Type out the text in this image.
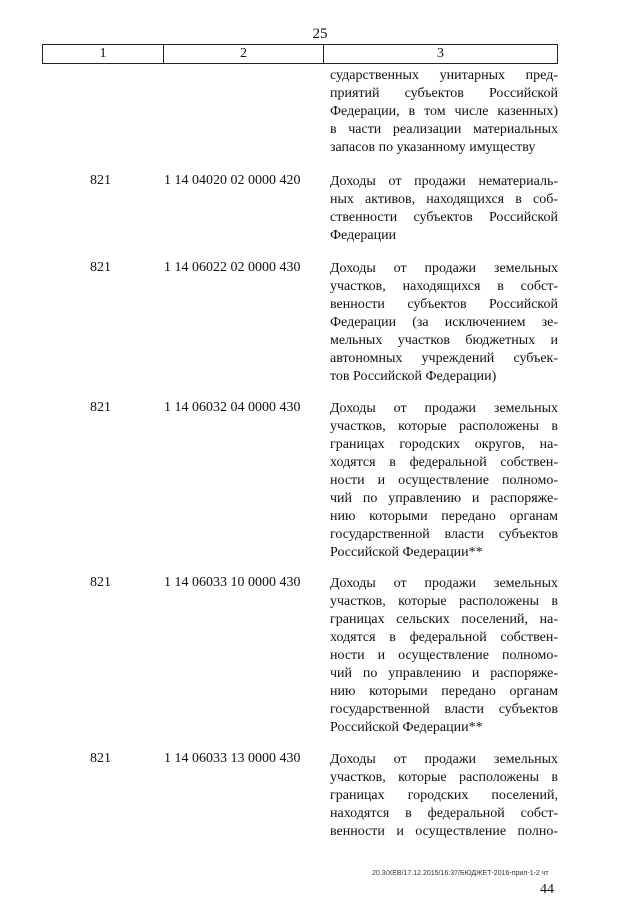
25
1	2	3
сударственных унитарных пред-
приятий субъектов Российской
Федерации, в том числе казенных)
в части реализации материальных
запасов по указанному имуществу
821	1 14 04020 02 0000 420	Доходы от продажи нематериаль-
ных активов, находящихся в соб-
ственности субъектов Российской
Федерации
821	1 14 06022 02 0000 430	Доходы от продажи земельных
участков, находящихся в собст-
венности субъектов Российской
Федерации (за исключением зе-
мельных участков бюджетных и
автономных учреждений субъек-
тов Российской Федерации)
821	1 14 06032 04 0000 430	Доходы от продажи земельных
участков, которые расположены в
границах городских округов, на-
ходятся в федеральной собствен-
ности и осуществление полномо-
чий по управлению и распоряже-
нию которыми передано органам
государственной власти субъектов
Российской Федерации**
821	1 14 06033 10 0000 430	Доходы от продажи земельных
участков, которые расположены в
границах сельских поселений, на-
ходятся в федеральной собствен-
ности и осуществление полномо-
чий по управлению и распоряже-
нию которыми передано органам
государственной власти субъектов
Российской Федерации**
821	1 14 06033 13 0000 430	Доходы от продажи земельных
участков, которые расположены в
границах городских поселений,
находятся в федеральной собст-
венности и осуществление полно-
20.3/ХЕВ/17.12.2015/16:37/БЮДЖЕТ-2016-прил-1-2 чт
44
